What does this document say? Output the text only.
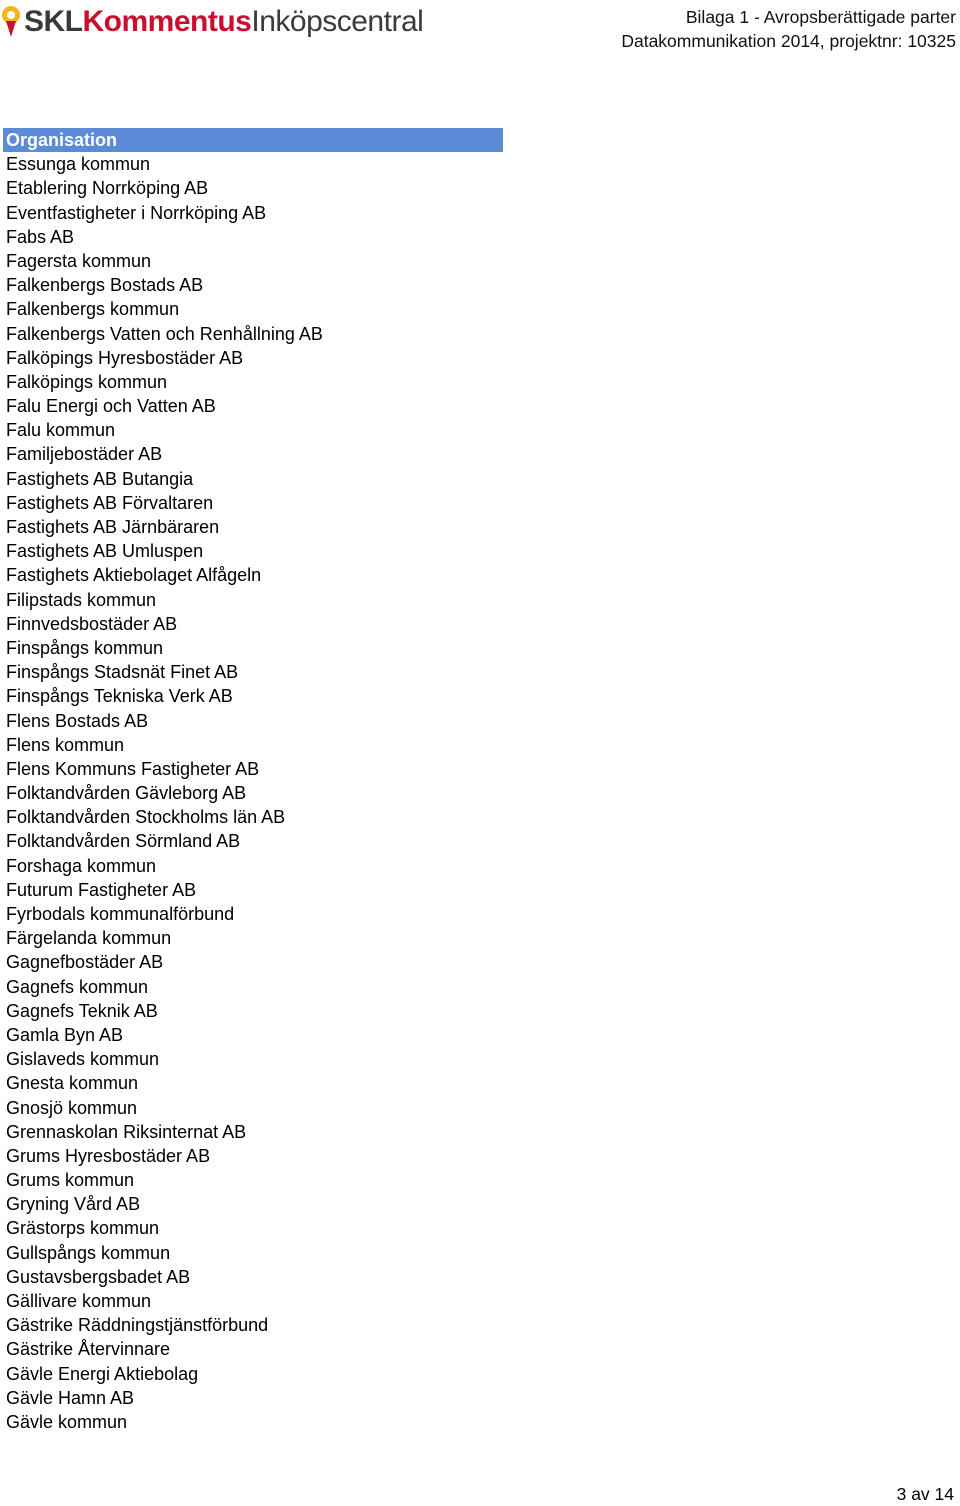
SKLKommentusInköpscentral	Bilaga 1 - Avropsberättigade parter
Datakommunikation 2014, projektnr: 10325
Organisation
Essunga kommun
Etablering Norrköping AB
Eventfastigheter i Norrköping AB
Fabs AB
Fagersta kommun
Falkenbergs Bostads AB
Falkenbergs kommun
Falkenbergs Vatten och Renhållning AB
Falköpings Hyresbostäder AB
Falköpings kommun
Falu Energi och Vatten AB
Falu kommun
Familjebostäder AB
Fastighets AB Butangia
Fastighets AB Förvaltaren
Fastighets AB Järnbäraren
Fastighets AB Umluspen
Fastighets Aktiebolaget Alfågeln
Filipstads kommun
Finnvedsbostäder AB
Finspångs kommun
Finspångs Stadsnät Finet AB
Finspångs Tekniska Verk AB
Flens Bostads AB
Flens kommun
Flens Kommuns Fastigheter AB
Folktandvården Gävleborg AB
Folktandvården Stockholms län AB
Folktandvården Sörmland AB
Forshaga kommun
Futurum Fastigheter AB
Fyrbodals kommunalförbund
Färgelanda kommun
Gagnefbostäder AB
Gagnefs kommun
Gagnefs Teknik AB
Gamla Byn AB
Gislaveds kommun
Gnesta kommun
Gnosjö kommun
Grennaskolan Riksinternat AB
Grums Hyresbostäder AB
Grums kommun
Gryning Vård AB
Grästorps kommun
Gullspångs kommun
Gustavsbergsbadet AB
Gällivare kommun
Gästrike Räddningstjänstförbund
Gästrike Återvinnare
Gävle Energi Aktiebolag
Gävle Hamn AB
Gävle kommun
3 av 14
